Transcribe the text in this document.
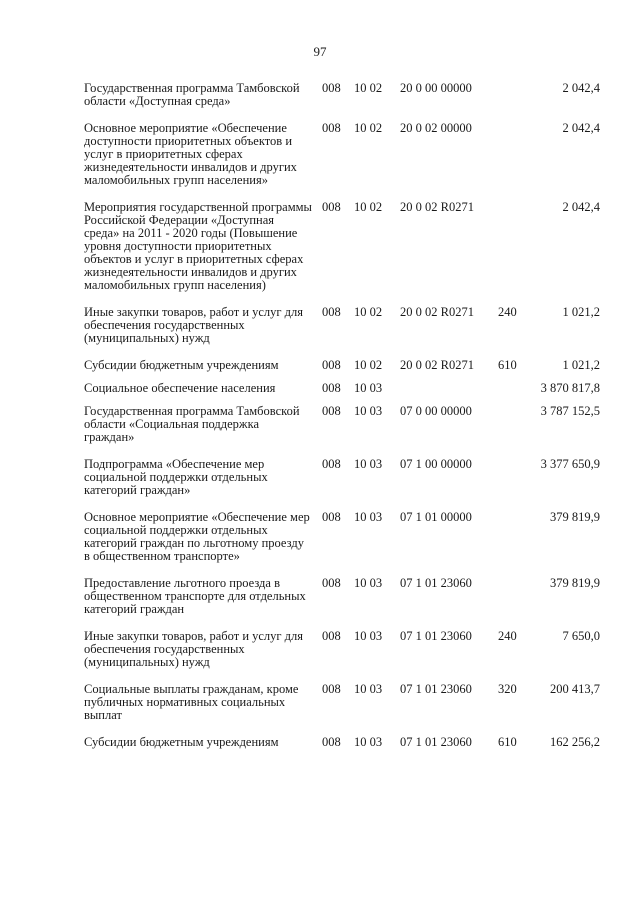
97
Государственная программа Тамбовской области «Доступная среда»
008 10 02 20 0 00 00000	2 042,4
Основное мероприятие «Обеспечение доступности приоритетных объектов и услуг в приоритетных сферах жизнедеятельности инвалидов и других маломобильных групп населения»
008 10 02 20 0 02 00000	2 042,4
Мероприятия государственной программы Российской Федерации «Доступная среда» на 2011 - 2020 годы (Повышение уровня доступности приоритетных объектов и услуг в приоритетных сферах жизнедеятельности инвалидов и других маломобильных групп населения)
008 10 02 20 0 02 R0271	2 042,4
Иные закупки товаров, работ и услуг для обеспечения государственных (муниципальных) нужд
008 10 02 20 0 02 R0271 240	1 021,2
Субсидии бюджетным учреждениям	008 10 02 20 0 02 R0271 610	1 021,2
Социальное обеспечение населения	008 10 03	3 870 817,8
Государственная программа Тамбовской области «Социальная поддержка граждан»
008 10 03 07 0 00 00000	3 787 152,5
Подпрограмма «Обеспечение мер социальной поддержки отдельных категорий граждан»
008 10 03 07 1 00 00000	3 377 650,9
Основное мероприятие «Обеспечение мер социальной поддержки отдельных категорий граждан по льготному проезду в общественном транспорте»
008 10 03 07 1 01 00000	379 819,9
Предоставление льготного проезда в общественном транспорте для отдельных категорий граждан
008 10 03 07 1 01 23060	379 819,9
Иные закупки товаров, работ и услуг для обеспечения государственных (муниципальных) нужд
008 10 03 07 1 01 23060 240	7 650,0
Социальные выплаты гражданам, кроме публичных нормативных социальных выплат
008 10 03 07 1 01 23060 320	200 413,7
Субсидии бюджетным учреждениям	008 10 03 07 1 01 23060 610	162 256,2
